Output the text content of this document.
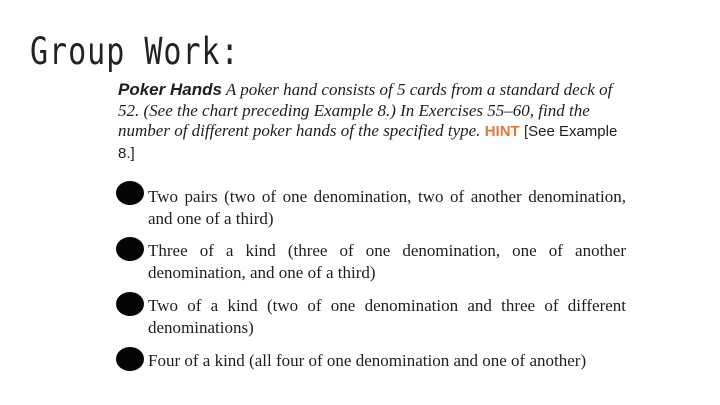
Group Work:
Poker Hands A poker hand consists of 5 cards from a standard deck of 52. (See the chart preceding Example 8.) In Exercises 55–60, find the number of different poker hands of the specified type. HINT [See Example 8.]
Two pairs (two of one denomination, two of another denomination, and one of a third)
Three of a kind (three of one denomination, one of another denomination, and one of a third)
Two of a kind (two of one denomination and three of different denominations)
Four of a kind (all four of one denomination and one of another)
